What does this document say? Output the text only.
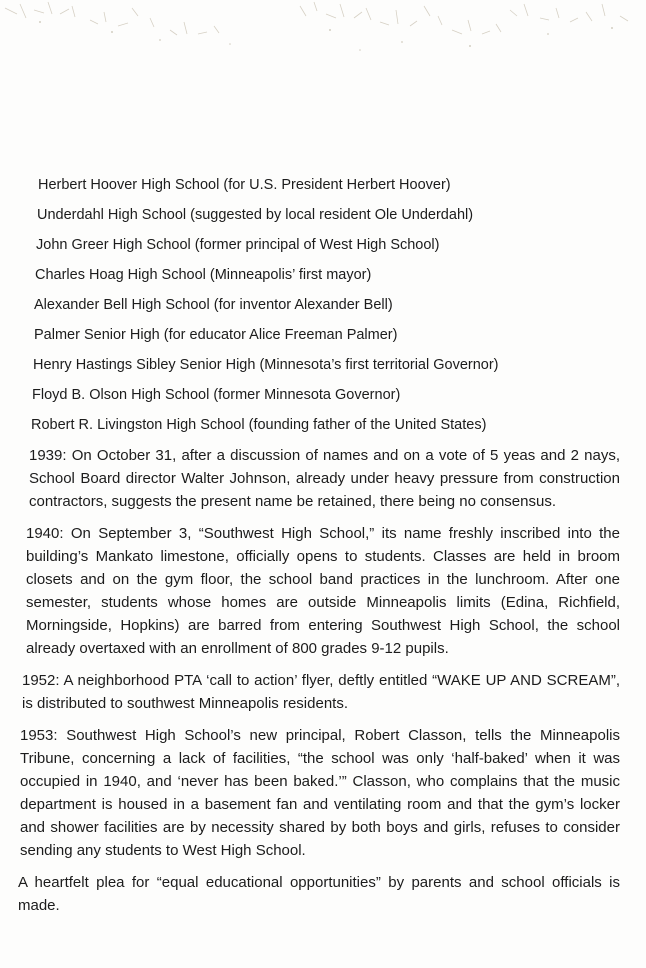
Herbert Hoover High School (for U.S. President Herbert Hoover)
Underdahl High School (suggested by local resident Ole Underdahl)
John Greer High School (former principal of West High School)
Charles Hoag High School (Minneapolis’ first mayor)
Alexander Bell High School (for inventor Alexander Bell)
Palmer Senior High (for educator Alice Freeman Palmer)
Henry Hastings Sibley Senior High (Minnesota’s first territorial Governor)
Floyd B. Olson High School (former Minnesota Governor)
Robert R. Livingston High School (founding father of the United States)

1939: On October 31, after a discussion of names and on a vote of 5 yeas and 2 nays, School Board director Walter Johnson, already under heavy pressure from construction contractors, suggests the present name be retained, there being no consensus.

1940: On September 3, “Southwest High School,” its name freshly inscribed into the building’s Mankato limestone, officially opens to students. Classes are held in broom closets and on the gym floor, the school band practices in the lunchroom. After one semester, students whose homes are outside Minneapolis limits (Edina, Richfield, Morningside, Hopkins) are barred from entering Southwest High School, the school already overtaxed with an enrollment of 800 grades 9-12 pupils.

1952: A neighborhood PTA ‘call to action’ flyer, deftly entitled “WAKE UP AND SCREAM”, is distributed to southwest Minneapolis residents.

1953: Southwest High School’s new principal, Robert Classon, tells the Minneapolis Tribune, concerning a lack of facilities, “the school was only ‘half-baked’ when it was occupied in 1940, and ‘never has been baked.’” Classon, who complains that the music department is housed in a basement fan and ventilating room and that the gym’s locker and shower facilities are by necessity shared by both boys and girls, refuses to consider sending any students to West High School.

A heartfelt plea for “equal educational opportunities” by parents and school officials is made.
